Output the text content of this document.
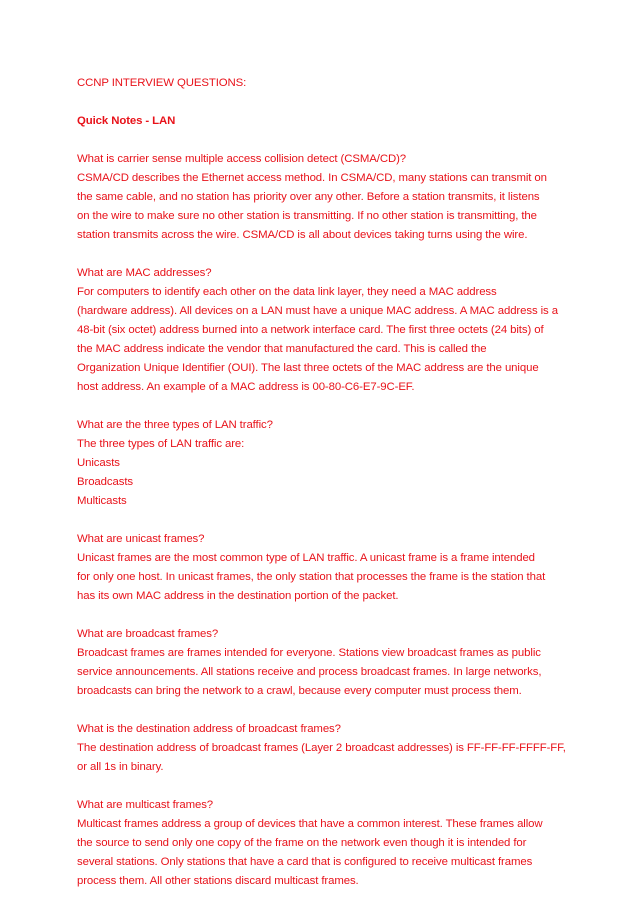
CCNP INTERVIEW QUESTIONS:
Quick Notes - LAN
What is carrier sense multiple access collision detect (CSMA/CD)?
CSMA/CD describes the Ethernet access method. In CSMA/CD, many stations can transmit on
the same cable, and no station has priority over any other. Before a station transmits, it listens
on the wire to make sure no other station is transmitting. If no other station is transmitting, the
station transmits across the wire. CSMA/CD is all about devices taking turns using the wire.
What are MAC addresses?
For computers to identify each other on the data link layer, they need a MAC address
(hardware address). All devices on a LAN must have a unique MAC address. A MAC address is a
48-bit (six octet) address burned into a network interface card. The first three octets (24 bits) of
the MAC address indicate the vendor that manufactured the card. This is called the
Organization Unique Identifier (OUI). The last three octets of the MAC address are the unique
host address. An example of a MAC address is 00-80-C6-E7-9C-EF.
What are the three types of LAN traffic?
The three types of LAN traffic are:
Unicasts
Broadcasts
Multicasts
What are unicast frames?
Unicast frames are the most common type of LAN traffic. A unicast frame is a frame intended
for only one host. In unicast frames, the only station that processes the frame is the station that
has its own MAC address in the destination portion of the packet.
What are broadcast frames?
Broadcast frames are frames intended for everyone. Stations view broadcast frames as public
service announcements. All stations receive and process broadcast frames. In large networks,
broadcasts can bring the network to a crawl, because every computer must process them.
What is the destination address of broadcast frames?
The destination address of broadcast frames (Layer 2 broadcast addresses) is FF-FF-FF-FFFF-FF,
or all 1s in binary.
What are multicast frames?
Multicast frames address a group of devices that have a common interest. These frames allow
the source to send only one copy of the frame on the network even though it is intended for
several stations. Only stations that have a card that is configured to receive multicast frames
process them. All other stations discard multicast frames.
